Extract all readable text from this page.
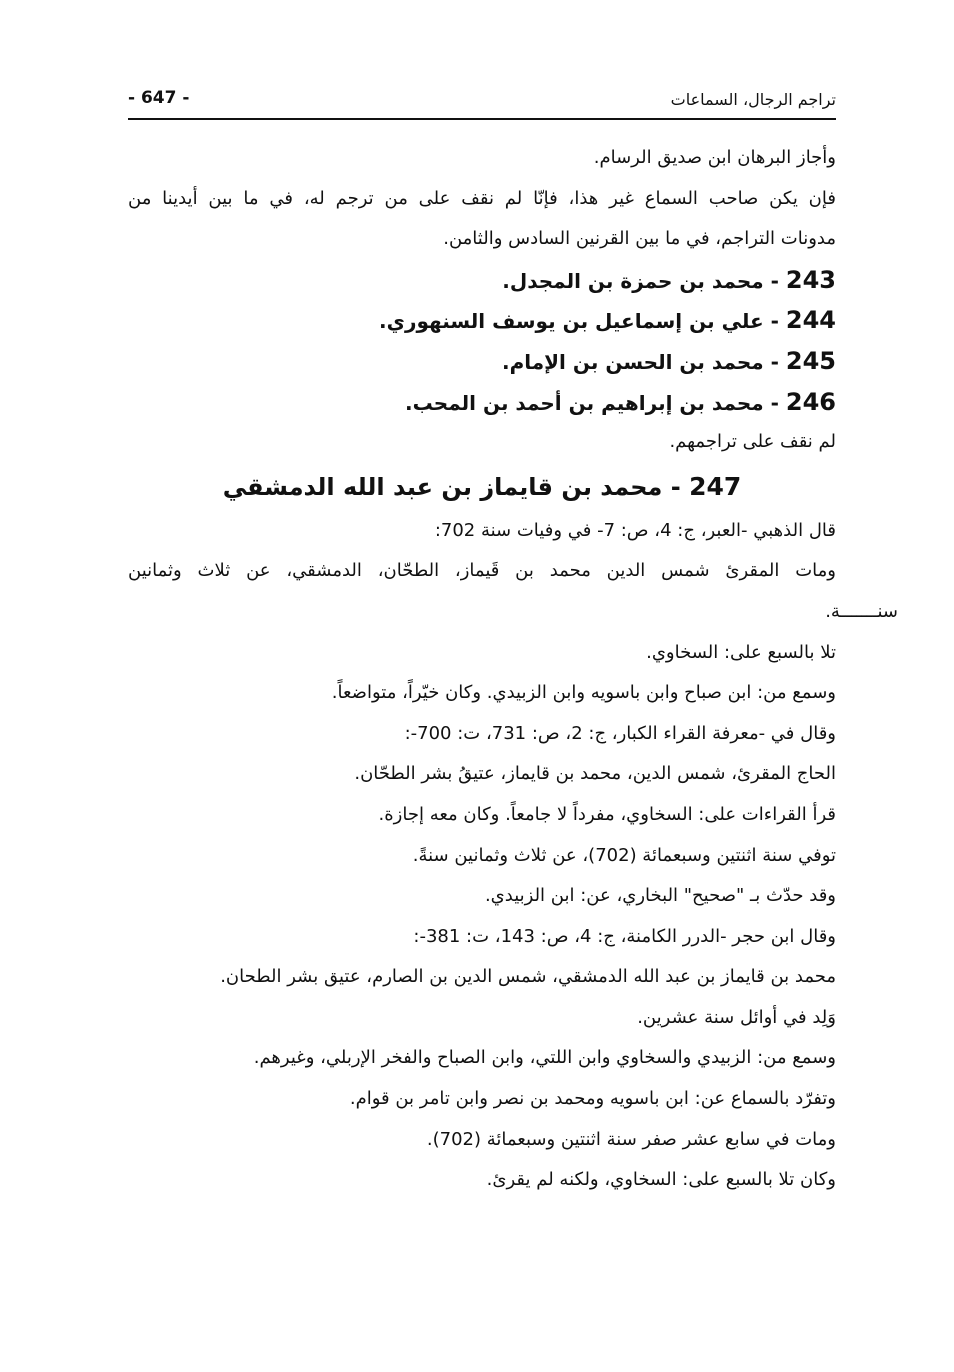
- 647 -	تراجم الرجال، السماعات
وأجاز البرهان ابن صديق الرسام.
فإن يكن صاحب السماع غير هذا، فإنّا لم نقف على من ترجم له، في ما بين أيدينا من
مدونات التراجم، في ما بين القرنين السادس والثامن.
243 - محمد بن حمزة بن المجدل.
244 - علي بن إسماعيل بن يوسف السنهوري.
245 - محمد بن الحسن بن الإمام.
246 - محمد بن إبراهيم بن أحمد بن المحب.
لم نقف على تراجمهم.
247 - محمد بن قايماز بن عبد الله الدمشقي
قال الذهبي -العبر، ج: 4، ص: 7- في وفيات سنة 702:
ومات المقرئ شمس الدين محمد بن قَيماز، الطحّان، الدمشقي، عن ثلاث وثمانين
سنـــــــة.
تلا بالسبع على: السخاوي.
وسمع من: ابن صباح وابن باسويه وابن الزبيدي. وكان خيّراً، متواضعاً.
وقال في -معرفة القراء الكبار، ج: 2، ص: 731، ت: 700-:
الحاج المقرئ، شمس الدين، محمد بن قايماز، عتيقُ بشر الطحّان.
قرأ القراءات على: السخاوي، مفرداً لا جامعاً. وكان معه إجازة.
توفي سنة اثنتين وسبعمائة (702)، عن ثلاث وثمانين سنةً.
وقد حدّث بـ "صحيح" البخاري، عن: ابن الزبيدي.
وقال ابن حجر -الدرر الكامنة، ج: 4، ص: 143، ت: 381-:
محمد بن قايماز بن عبد الله الدمشقي، شمس الدين بن الصارم، عتيق بشر الطحان.
وَلِد في أوائل سنة عشرين.
وسمع من: الزبيدي والسخاوي وابن اللتي، وابن الصباح والفخر الإربلي، وغيرهم.
وتفرّد بالسماع عن: ابن باسويه ومحمد بن نصر وابن تامر بن قوام.
ومات في سابع عشر صفر سنة اثنتين وسبعمائة (702).
وكان تلا بالسبع على: السخاوي، ولكنه لم يقرئ.
